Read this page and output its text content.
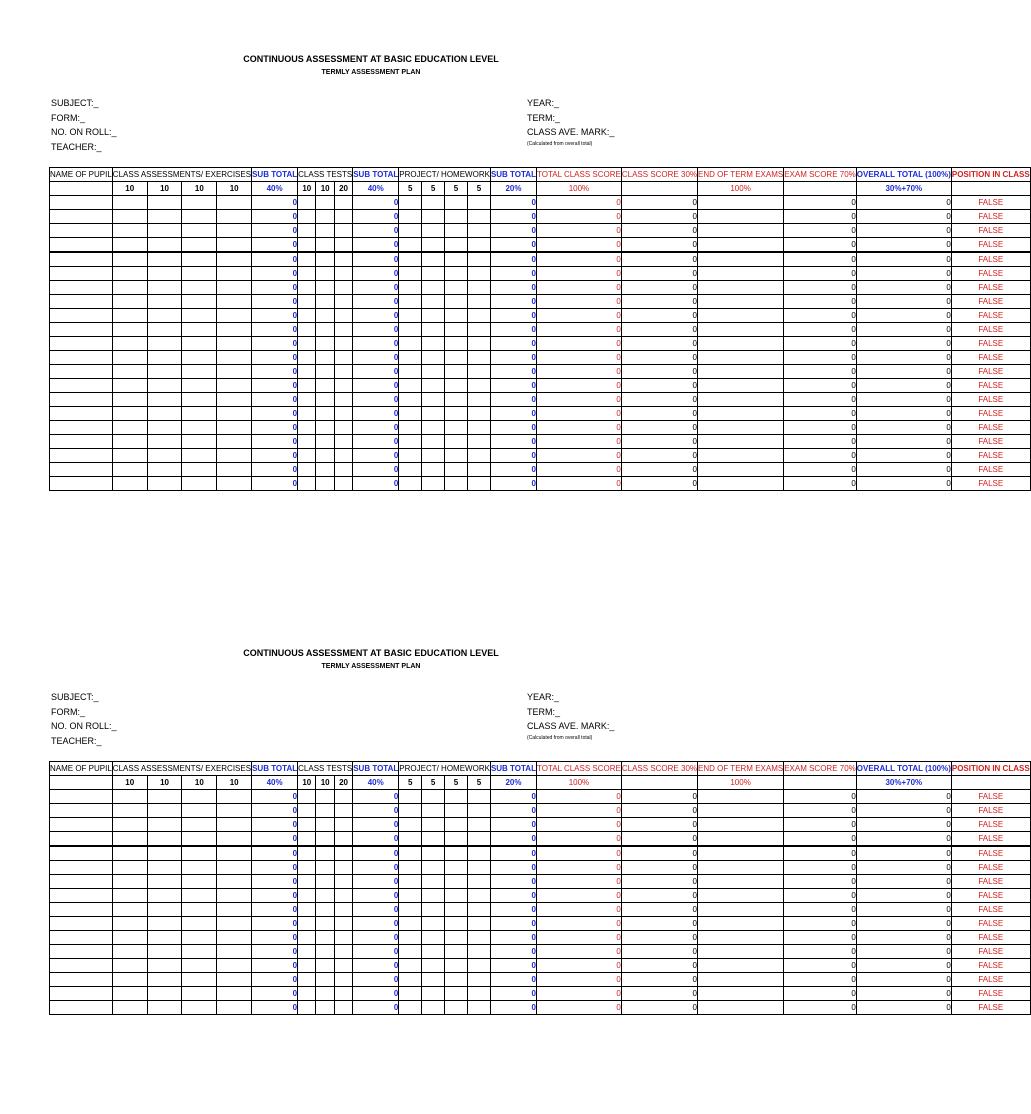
CONTINUOUS ASSESSMENT AT BASIC EDUCATION LEVEL
TERMLY ASSESSMENT PLAN
SUBJECT:_
FORM:_
NO. ON ROLL:_
TEACHER:_
YEAR:_
TERM:_
CLASS AVE. MARK:_
(Calculated from overall total)
NAME OF PUPIL	CLASS ASSESSMENTS/ EXERCISES				SUB TOTAL	CLASS TESTS			SUB TOTAL	PROJECT/ HOMEWORK				SUB TOTAL	TOTAL CLASS SCORE	CLASS SCORE 30%	END OF TERM EXAMS	EXAM SCORE 70%	OVERALL TOTAL (100%)	POSITION IN CLASS
	10	10	10	10	40%	10	10	20	40%	5	5	5	5	20%	100%		100%		30%+70%	
					0				0					0	0	0		0	0	FALSE
					0				0					0	0	0		0	0	FALSE
					0				0					0	0	0		0	0	FALSE
					0				0					0	0	0		0	0	FALSE
					0				0					0	0	0		0	0	FALSE
					0				0					0	0	0		0	0	FALSE
					0				0					0	0	0		0	0	FALSE
					0				0					0	0	0		0	0	FALSE
					0				0					0	0	0		0	0	FALSE
					0				0					0	0	0		0	0	FALSE
					0				0					0	0	0		0	0	FALSE
					0				0					0	0	0		0	0	FALSE
					0				0					0	0	0		0	0	FALSE
					0				0					0	0	0		0	0	FALSE
					0				0					0	0	0		0	0	FALSE
					0				0					0	0	0		0	0	FALSE
					0				0					0	0	0		0	0	FALSE
					0				0					0	0	0		0	0	FALSE
					0				0					0	0	0		0	0	FALSE
					0				0					0	0	0		0	0	FALSE
					0				0					0	0	0		0	0	FALSE
CONTINUOUS ASSESSMENT AT BASIC EDUCATION LEVEL
TERMLY ASSESSMENT PLAN
SUBJECT:_
FORM:_
NO. ON ROLL:_
TEACHER:_
YEAR:_
TERM:_
CLASS AVE. MARK:_
(Calculated from overall total)
NAME OF PUPIL	CLASS ASSESSMENTS/ EXERCISES				SUB TOTAL	CLASS TESTS			SUB TOTAL	PROJECT/ HOMEWORK				SUB TOTAL	TOTAL CLASS SCORE	CLASS SCORE 30%	END OF TERM EXAMS	EXAM SCORE 70%	OVERALL TOTAL (100%)	POSITION IN CLASS
	10	10	10	10	40%	10	10	20	40%	5	5	5	5	20%	100%		100%		30%+70%	
					0				0					0	0	0		0	0	FALSE
					0				0					0	0	0		0	0	FALSE
					0				0					0	0	0		0	0	FALSE
					0				0					0	0	0		0	0	FALSE
					0				0					0	0	0		0	0	FALSE
					0				0					0	0	0		0	0	FALSE
					0				0					0	0	0		0	0	FALSE
					0				0					0	0	0		0	0	FALSE
					0				0					0	0	0		0	0	FALSE
					0				0					0	0	0		0	0	FALSE
					0				0					0	0	0		0	0	FALSE
					0				0					0	0	0		0	0	FALSE
					0				0					0	0	0		0	0	FALSE
					0				0					0	0	0		0	0	FALSE
					0				0					0	0	0		0	0	FALSE
					0				0					0	0	0		0	0	FALSE
